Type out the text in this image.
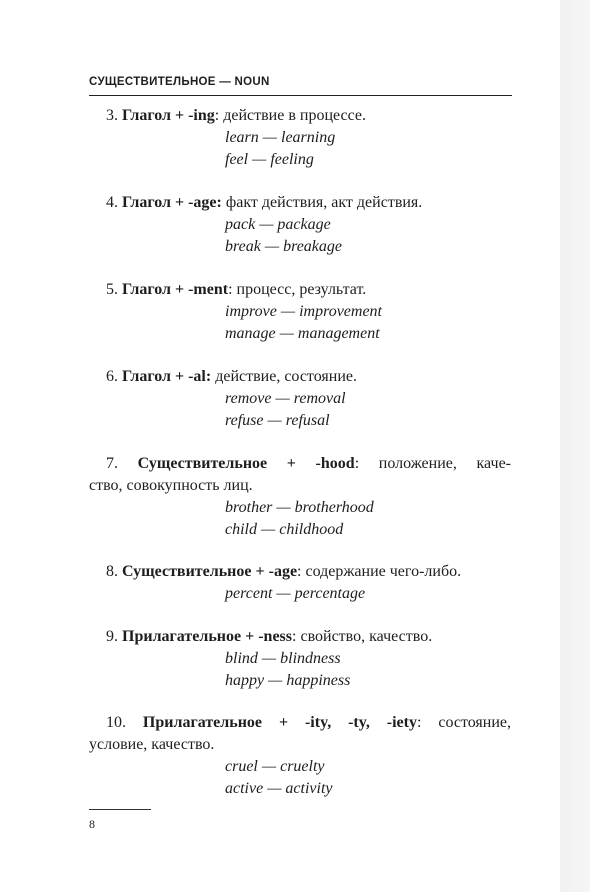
СУЩЕСТВИТЕЛЬНОЕ — NOUN
3. Глагол + -ing: действие в процессе.
learn — learning
feel — feeling
4. Глагол + -age: факт действия, акт действия.
pack — package
break — breakage
5. Глагол + -ment: процесс, результат.
improve — improvement
manage — management
6. Глагол + -al: действие, состояние.
remove — removal
refuse — refusal
7. Существительное + -hood: положение, каче-
ство, совокупность лиц.
brother — brotherhood
child — childhood
8. Существительное + -age: содержание чего-либо.
percent — percentage
9. Прилагательное + -ness: свойство, качество.
blind — blindness
happy — happiness
10. Прилагательное + -ity, -ty, -iety: состояние,
условие, качество.
cruel — cruelty
active — activity
8
